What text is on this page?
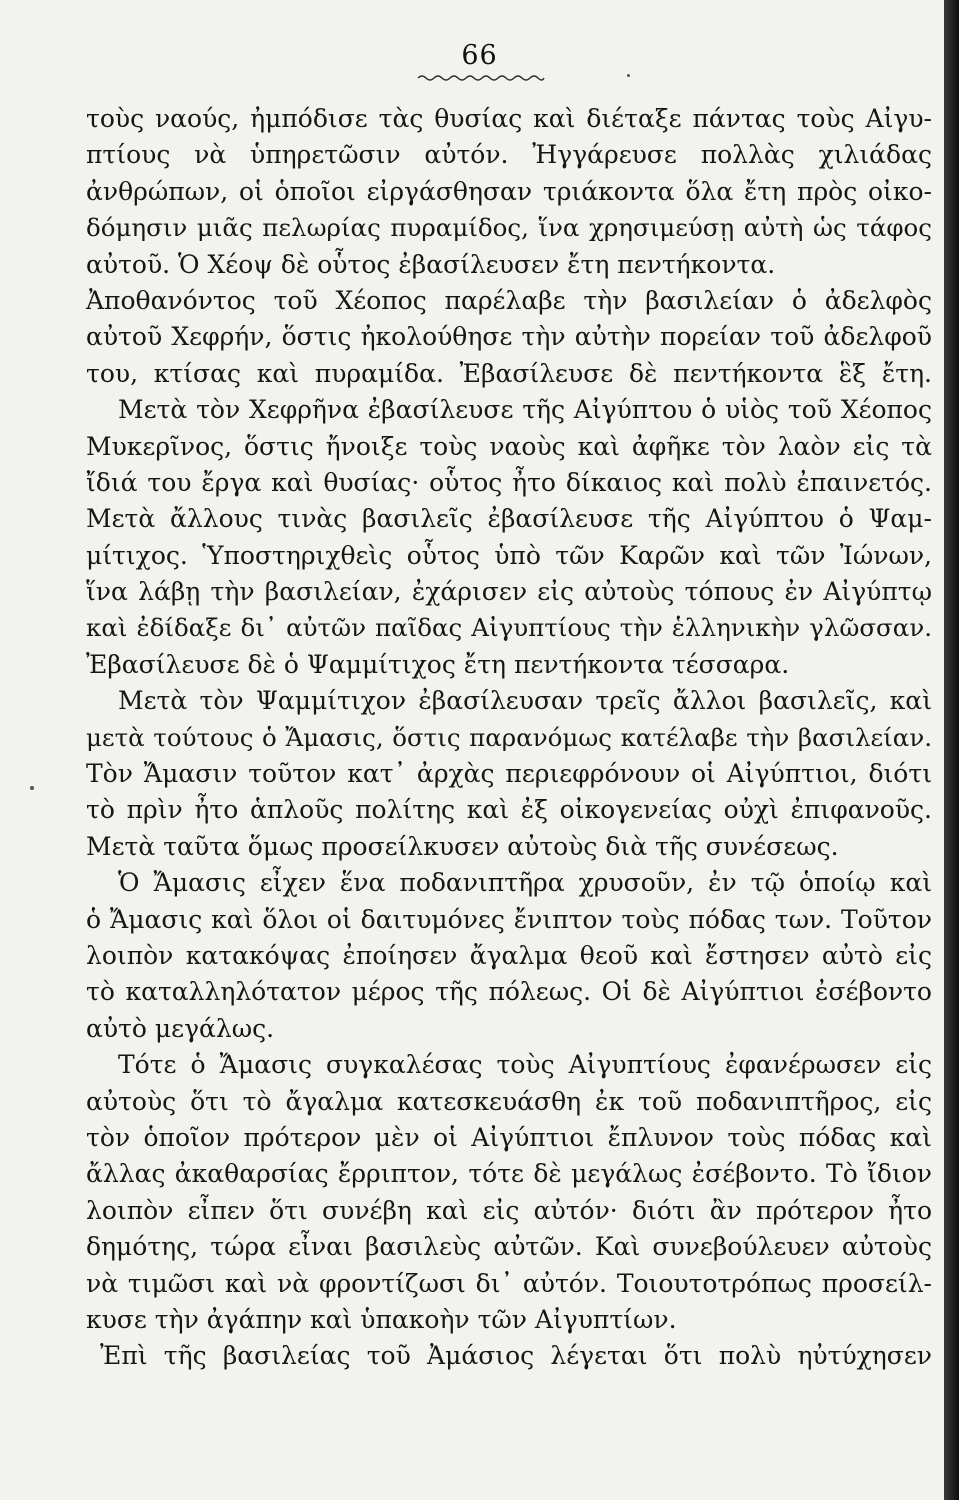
66
τοὺς ναούς, ἠμπόδισε τὰς θυσίας καὶ διέταξε πάντας τοὺς Αἰγυ-
πτίους νὰ ὑπηρετῶσιν αὐτόν. Ἠγγάρευσε πολλὰς χιλιάδας
ἀνθρώπων, οἱ ὁποῖοι εἰργάσθησαν τριάκοντα ὅλα ἔτη πρὸς οἰκο-
δόμησιν μιᾶς πελωρίας πυραμίδος, ἵνα χρησιμεύσῃ αὐτὴ ὡς τάφος
αὐτοῦ. Ὁ Χέοψ δὲ οὗτος ἐβασίλευσεν ἔτη πεντήκοντα.
Ἀποθανόντος τοῦ Χέοπος παρέλαβε τὴν βασιλείαν ὁ ἀδελφὸς
αὐτοῦ Χεφρήν, ὅστις ἠκολούθησε τὴν αὐτὴν πορείαν τοῦ ἀδελφοῦ
του, κτίσας καὶ πυραμίδα. Ἐβασίλευσε δὲ πεντήκοντα ἓξ ἔτη.
Μετὰ τὸν Χεφρῆνα ἐβασίλευσε τῆς Αἰγύπτου ὁ υἱὸς τοῦ Χέοπος
Μυκερῖνος, ὅστις ἤνοιξε τοὺς ναοὺς καὶ ἀφῆκε τὸν λαὸν εἰς τὰ
ἴδιά του ἔργα καὶ θυσίας· οὗτος ἦτο δίκαιος καὶ πολὺ ἐπαινετός.
Μετὰ ἄλλους τινὰς βασιλεῖς ἐβασίλευσε τῆς Αἰγύπτου ὁ Ψαμ-
μίτιχος. Ὑποστηριχθεὶς οὗτος ὑπὸ τῶν Καρῶν καὶ τῶν Ἰώνων,
ἵνα λάβῃ τὴν βασιλείαν, ἐχάρισεν εἰς αὐτοὺς τόπους ἐν Αἰγύπτῳ
καὶ ἐδίδαξε δι᾽ αὐτῶν παῖδας Αἰγυπτίους τὴν ἑλληνικὴν γλῶσσαν.
Ἐβασίλευσε δὲ ὁ Ψαμμίτιχος ἔτη πεντήκοντα τέσσαρα.
Μετὰ τὸν Ψαμμίτιχον ἐβασίλευσαν τρεῖς ἄλλοι βασιλεῖς, καὶ
μετὰ τούτους ὁ Ἄμασις, ὅστις παρανόμως κατέλαβε τὴν βασιλείαν.
Τὸν Ἄμασιν τοῦτον κατ᾽ ἀρχὰς περιεφρόνουν οἱ Αἰγύπτιοι, διότι
τὸ πρὶν ἦτο ἁπλοῦς πολίτης καὶ ἐξ οἰκογενείας οὐχὶ ἐπιφανοῦς.
Μετὰ ταῦτα ὅμως προσείλκυσεν αὐτοὺς διὰ τῆς συνέσεως.
Ὁ Ἄμασις εἶχεν ἕνα ποδανιπτῆρα χρυσοῦν, ἐν τῷ ὁποίῳ καὶ
ὁ Ἄμασις καὶ ὅλοι οἱ δαιτυμόνες ἔνιπτον τοὺς πόδας των. Τοῦτον
λοιπὸν κατακόψας ἐποίησεν ἄγαλμα θεοῦ καὶ ἔστησεν αὐτὸ εἰς
τὸ καταλληλότατον μέρος τῆς πόλεως. Οἱ δὲ Αἰγύπτιοι ἐσέβοντο
αὐτὸ μεγάλως.
Τότε ὁ Ἄμασις συγκαλέσας τοὺς Αἰγυπτίους ἐφανέρωσεν εἰς
αὐτοὺς ὅτι τὸ ἄγαλμα κατεσκευάσθη ἐκ τοῦ ποδανιπτῆρος, εἰς
τὸν ὁποῖον πρότερον μὲν οἱ Αἰγύπτιοι ἔπλυνον τοὺς πόδας καὶ
ἄλλας ἀκαθαρσίας ἔρριπτον, τότε δὲ μεγάλως ἐσέβοντο. Τὸ ἴδιον
λοιπὸν εἶπεν ὅτι συνέβη καὶ εἰς αὐτόν· διότι ἂν πρότερον ἦτο
δημότης, τώρα εἶναι βασιλεὺς αὐτῶν. Καὶ συνεβούλευεν αὐτοὺς
νὰ τιμῶσι καὶ νὰ φροντίζωσι δι᾽ αὐτόν. Τοιουτοτρόπως προσείλ-
κυσε τὴν ἀγάπην καὶ ὑπακοὴν τῶν Αἰγυπτίων.
Ἐπὶ τῆς βασιλείας τοῦ Ἀμάσιος λέγεται ὅτι πολὺ ηὐτύχησεν
